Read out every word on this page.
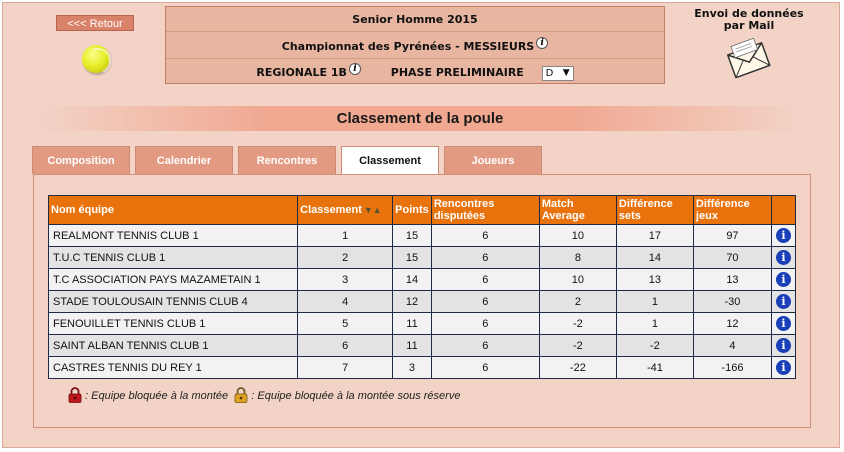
<<< Retour	Senior Homme 2015
Championnat des Pyrénées - MESSIEURS i
REGIONALE 1B i	PHASE PRELIMINAIRE D ▼
Envoi de données par Mail
Classement de la poule
Composition	Calendrier	Rencontres	Classement	Joueurs
Nom équipe	Classement ▼▲	Points	Rencontres disputées	Match Average	Différence sets	Différence jeux	
REALMONT TENNIS CLUB 1	1	15	6	10	17	97	i
T.U.C TENNIS CLUB 1	2	15	6	8	14	70	i
T.C ASSOCIATION PAYS MAZAMETAIN 1	3	14	6	10	13	13	i
STADE TOULOUSAIN TENNIS CLUB 4	4	12	6	2	1	-30	i
FENOUILLET TENNIS CLUB 1	5	11	6	-2	1	12	i
SAINT ALBAN TENNIS CLUB 1	6	11	6	-2	-2	4	i
CASTRES TENNIS DU REY 1	7	3	6	-22	-41	-166	i
: Equipe bloquée à la montée : Equipe bloquée à la montée sous réserve
